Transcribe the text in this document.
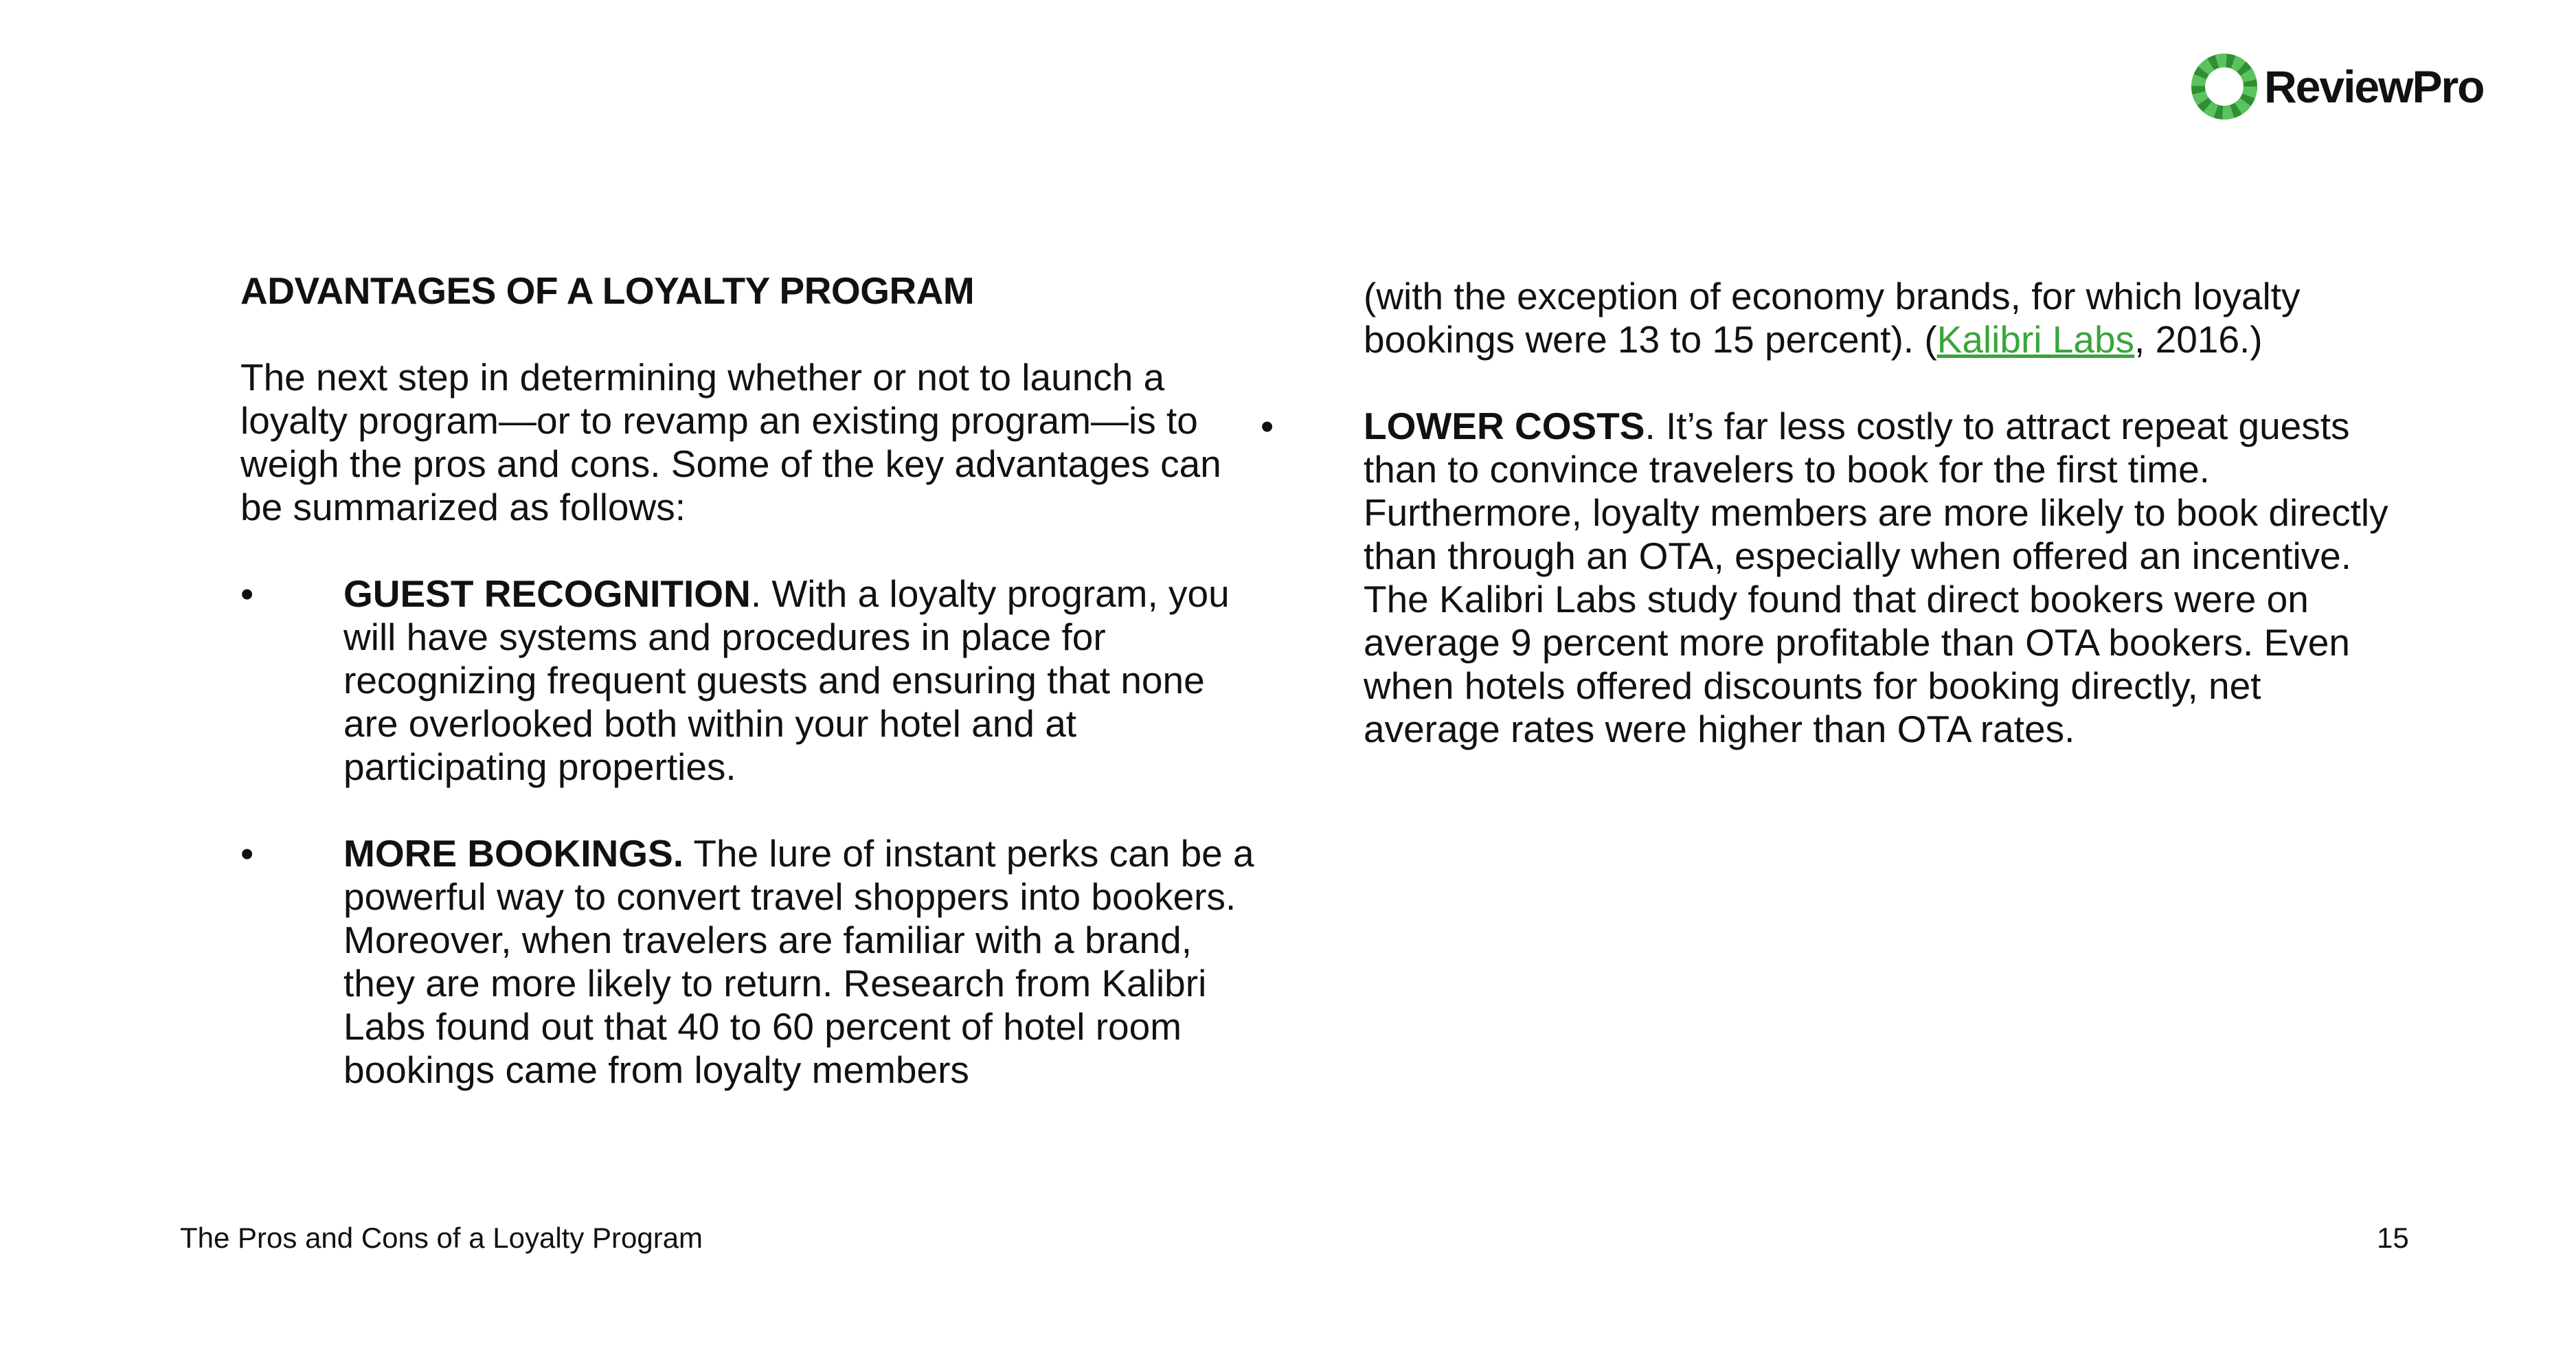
ReviewPro
ADVANTAGES OF A LOYALTY PROGRAM

The next step in determining whether or not to launch a loyalty program—or to revamp an existing program—is to weigh the pros and cons. Some of the key advantages can be summarized as follows:

• GUEST RECOGNITION. With a loyalty program, you will have systems and procedures in place for recognizing frequent guests and ensuring that none are overlooked both within your hotel and at participating properties.
• MORE BOOKINGS. The lure of instant perks can be a powerful way to convert travel shoppers into bookers. Moreover, when travelers are familiar with a brand, they are more likely to return. Research from Kalibri Labs found out that 40 to 60 percent of hotel room bookings came from loyalty members
(with the exception of economy brands, for which loyalty bookings were 13 to 15 percent). (Kalibri Labs, 2016.)
• LOWER COSTS. It’s far less costly to attract repeat guests than to convince travelers to book for the first time. Furthermore, loyalty members are more likely to book directly than through an OTA, especially when offered an incentive. The Kalibri Labs study found that direct bookers were on average 9 percent more profitable than OTA bookers. Even when hotels offered discounts for booking directly, net average rates were higher than OTA rates.
The Pros and Cons of a Loyalty Program	15
